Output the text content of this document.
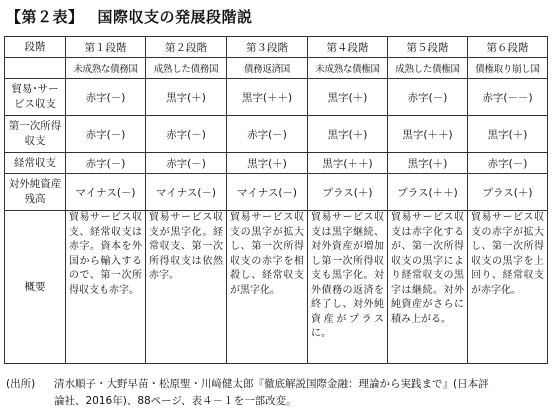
【第２表】 国際収支の発展段階説
段階	第１段階	第２段階	第３段階	第４段階	第５段階	第６段階
	未成熟な債務国	成熟した債務国	債務返済国	未成熟な債権国	成熟した債権国	債権取り崩し国
貿易･サービス収支	赤字(－)	黒字(＋)	黒字(＋＋)	黒字(＋)	赤字(－)	赤字(－－)
第一次所得収支	赤字(－)	赤字(－)	赤字(－)	黒字(＋)	黒字(＋＋)	黒字(＋)
経常収支	赤字(－)	赤字(－)	黒字(＋)	黒字(＋＋)	黒字(＋)	赤字(－)
対外純資産残高	マイナス(－)	マイナス(－)	マイナス(－)	プラス(＋)	プラス(＋＋)	プラス(＋)
概要	貿易サービス収支、経常収支は赤字。資本を外国から輸入するので、第一次所得収支も赤字。	貿易サービス収支が黒字化。経常収支、第一次所得収支は依然赤字。	貿易サービス収支の黒字が拡大し、第一次所得収支の赤字を相殺し、経常収支が黒字化。	貿易サービス収支は黒字継続、対外資産が増加し第一次所得収支も黒字化。対外債務の返済を終了し、対外純資産がプラスに。	貿易サービス収支は赤字化するが、第一次所得収支の黒字により経常収支の黒字は継続。対外純資産がさらに積み上がる。	貿易サービス収支の赤字が拡大し、第一次所得収支の黒字を上回り、経常収支が赤字化。
(出所) 清水順子・大野早苗・松原聖・川﨑健太郎『徹底解説国際金融：理論から実践まで』(日本評
論社、2016年)、88ページ、表４－１を一部改変。
